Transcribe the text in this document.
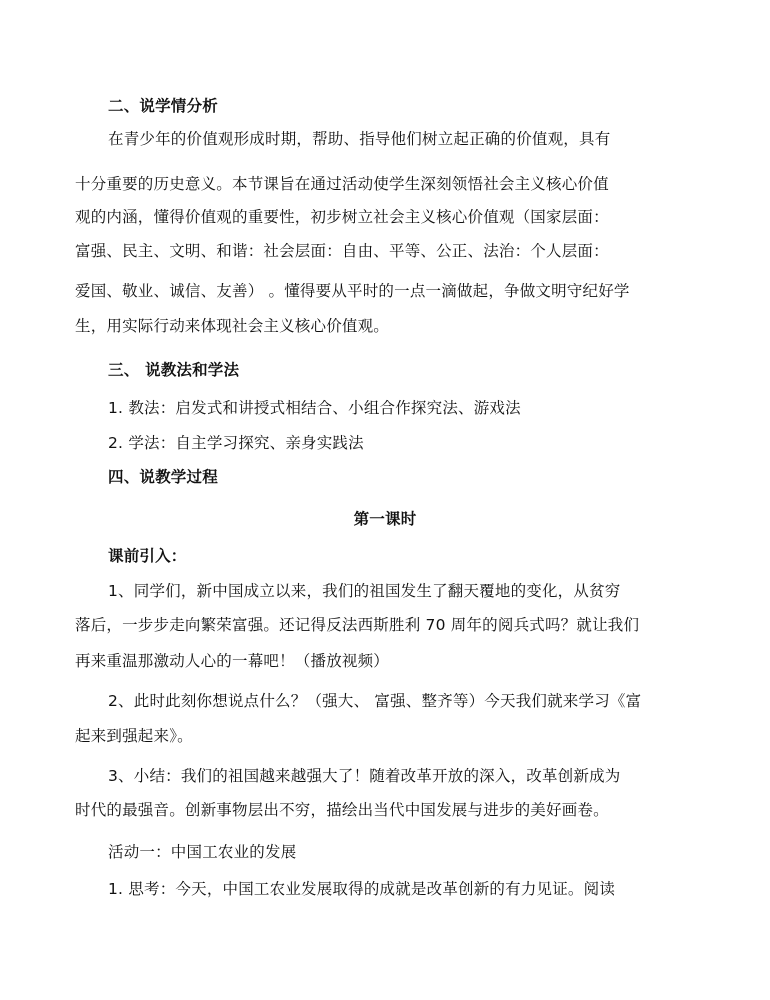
二、说学情分析
在青少年的价值观形成时期，帮助、指导他们树立起正确的价值观，具有
十分重要的历史意义。本节课旨在通过活动使学生深刻领悟社会主义核心价值
观的内涵，懂得价值观的重要性，初步树立社会主义核心价值观（国家层面：
富强、民主、文明、和谐：社会层面：自由、平等、公正、法治：个人层面：
爱国、敬业、诚信、友善） 。懂得要从平时的一点一滴做起，争做文明守纪好学
生，用实际行动来体现社会主义核心价值观。
三、 说教法和学法
1. 教法：启发式和讲授式相结合、小组合作探究法、游戏法
2. 学法：自主学习探究、亲身实践法
四、说教学过程
第一课时
课前引入：
1、同学们，新中国成立以来，我们的祖国发生了翻天覆地的变化，从贫穷
落后，一步步走向繁荣富强。还记得反法西斯胜利 70 周年的阅兵式吗？就让我们
再来重温那激动人心的一幕吧！（播放视频）
2、此时此刻你想说点什么？（强大、 富强、整齐等）今天我们就来学习《富
起来到强起来》。
3、小结：我们的祖国越来越强大了！随着改革开放的深入，改革创新成为
时代的最强音。创新事物层出不穷，描绘出当代中国发展与进步的美好画卷。
活动一：中国工农业的发展
1. 思考：今天，中国工农业发展取得的成就是改革创新的有力见证。阅读
